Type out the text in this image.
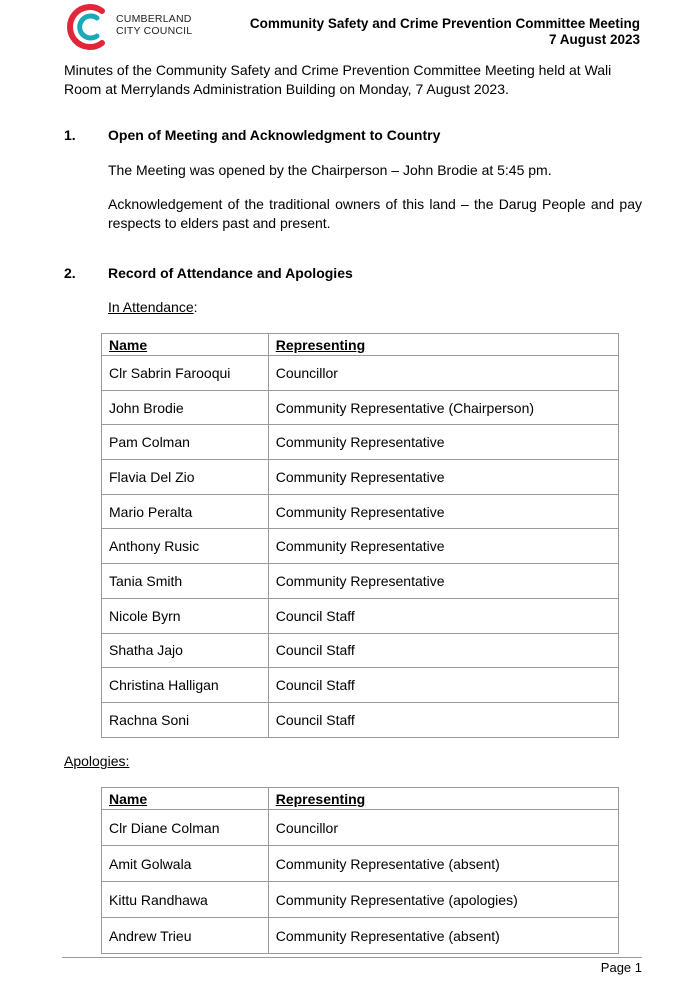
CUMBERLAND
CITY COUNCIL	Community Safety and Crime Prevention Committee Meeting
7 August 2023
Minutes of the Community Safety and Crime Prevention Committee Meeting held at Wali Room at Merrylands Administration Building on Monday, 7 August 2023.
1. Open of Meeting and Acknowledgment to Country
The Meeting was opened by the Chairperson – John Brodie at 5:45 pm.
Acknowledgement of the traditional owners of this land – the Darug People and pay respects to elders past and present.
2. Record of Attendance and Apologies
In Attendance:
Name	Representing
Clr Sabrin Farooqui	Councillor
John Brodie	Community Representative (Chairperson)
Pam Colman	Community Representative
Flavia Del Zio	Community Representative
Mario Peralta	Community Representative
Anthony Rusic	Community Representative
Tania Smith	Community Representative
Nicole Byrn	Council Staff
Shatha Jajo	Council Staff
Christina Halligan	Council Staff
Rachna Soni	Council Staff
Apologies:
Name	Representing
Clr Diane Colman	Councillor
Amit Golwala	Community Representative (absent)
Kittu Randhawa	Community Representative (apologies)
Andrew Trieu	Community Representative (absent)
Page 1
